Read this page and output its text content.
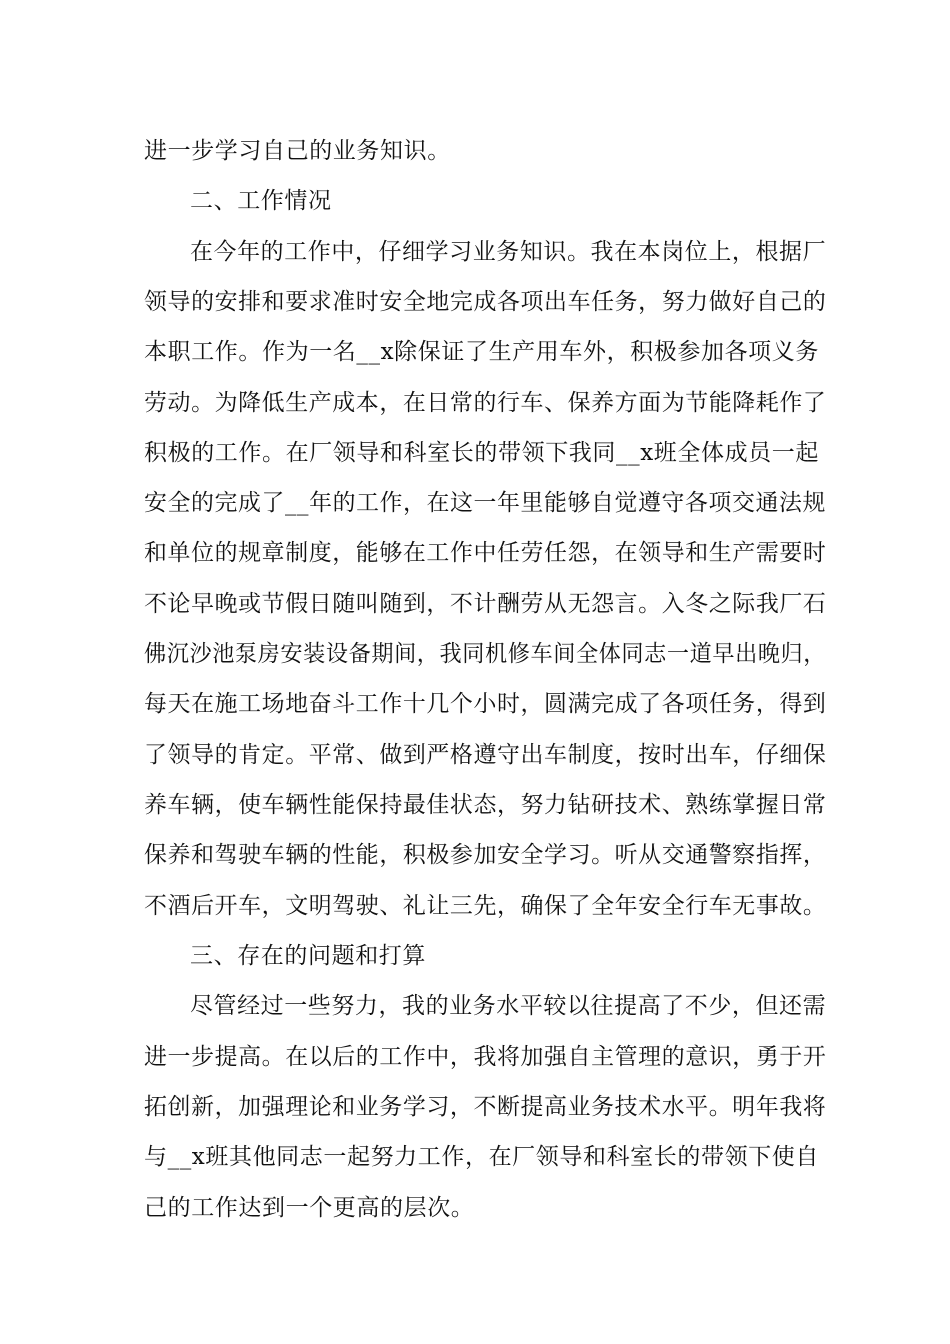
进一步学习自己的业务知识。
二、工作情况
在今年的工作中，仔细学习业务知识。我在本岗位上，根据厂
领导的安排和要求准时安全地完成各项出车任务，努力做好自己的
本职工作。作为一名__x除保证了生产用车外，积极参加各项义务
劳动。为降低生产成本，在日常的行车、保养方面为节能降耗作了
积极的工作。在厂领导和科室长的带领下我同__x班全体成员一起
安全的完成了__年的工作，在这一年里能够自觉遵守各项交通法规
和单位的规章制度，能够在工作中任劳任怨，在领导和生产需要时
不论早晚或节假日随叫随到，不计酬劳从无怨言。入冬之际我厂石
佛沉沙池泵房安装设备期间，我同机修车间全体同志一道早出晚归，
每天在施工场地奋斗工作十几个小时，圆满完成了各项任务，得到
了领导的肯定。平常、做到严格遵守出车制度，按时出车，仔细保
养车辆，使车辆性能保持最佳状态，努力钻研技术、熟练掌握日常
保养和驾驶车辆的性能，积极参加安全学习。听从交通警察指挥，
不酒后开车，文明驾驶、礼让三先，确保了全年安全行车无事故。
三、存在的问题和打算
尽管经过一些努力，我的业务水平较以往提高了不少，但还需
进一步提高。在以后的工作中，我将加强自主管理的意识，勇于开
拓创新，加强理论和业务学习，不断提高业务技术水平。明年我将
与__x班其他同志一起努力工作，在厂领导和科室长的带领下使自
己的工作达到一个更高的层次。
